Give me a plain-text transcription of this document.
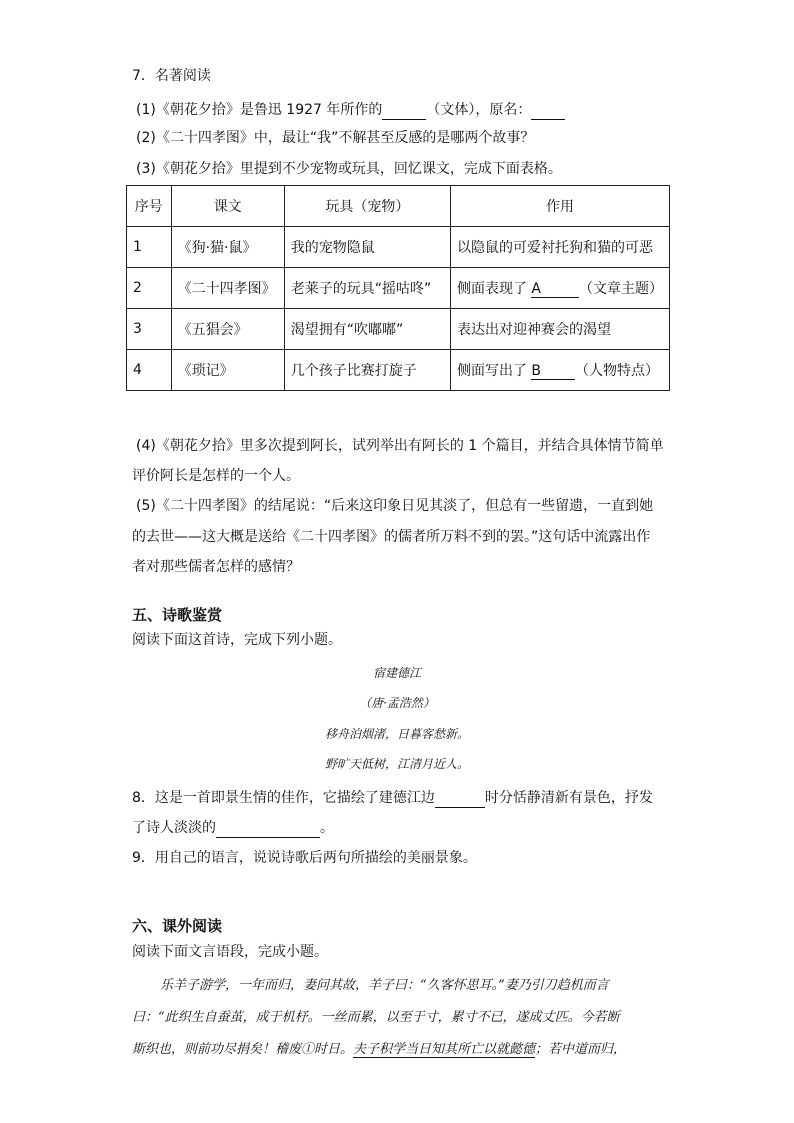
7．名著阅读
(1)《朝花夕拾》是鲁迅 1927 年所作的	（文体），原名：
(2)《二十四孝图》中，最让“我”不解甚至反感的是哪两个故事？
(3)《朝花夕拾》里提到不少宠物或玩具，回忆课文，完成下面表格。
序号	课文	玩具（宠物）	作用
1	《狗·猫·鼠》	我的宠物隐鼠	以隐鼠的可爱衬托狗和猫的可恶
2	《二十四孝图》	老莱子的玩具“摇咕咚”	侧面表现了 A （文章主题）
3	《五猖会》	渴望拥有“吹嘟嘟”	表达出对迎神赛会的渴望
4	《琐记》	几个孩子比赛打旋子	侧面写出了 B （人物特点）
(4)《朝花夕拾》里多次提到阿长，试列举出有阿长的 1 个篇目，并结合具体情节简单
评价阿长是怎样的一个人。
(5)《二十四孝图》的结尾说：“后来这印象日见其淡了，但总有一些留遗，一直到她
的去世——这大概是送给《二十四孝图》的儒者所万料不到的罢。”这句话中流露出作
者对那些儒者怎样的感情？
五、诗歌鉴赏
阅读下面这首诗，完成下列小题。
宿建德江
（唐·孟浩然）
移舟泊烟渚，日暮客愁新。
野旷天低树，江清月近人。
8．这是一首即景生情的佳作，它描绘了建德江边	时分恬静清新有景色，抒发
了诗人淡淡的	。
9．用自己的语言，说说诗歌后两句所描绘的美丽景象。
六、课外阅读
阅读下面文言语段，完成小题。
乐羊子游学，一年而归，妻问其故，羊子曰：“久客怀思耳。”妻乃引刀趋机而言
曰：“此织生自蚕茧，成于机杼。一丝而累，以至于寸，累寸不已，遂成丈匹。今若断
斯织也，则前功尽捐矣！稽废①时日。夫子积学当日知其所亡以就懿德；若中道而归，
